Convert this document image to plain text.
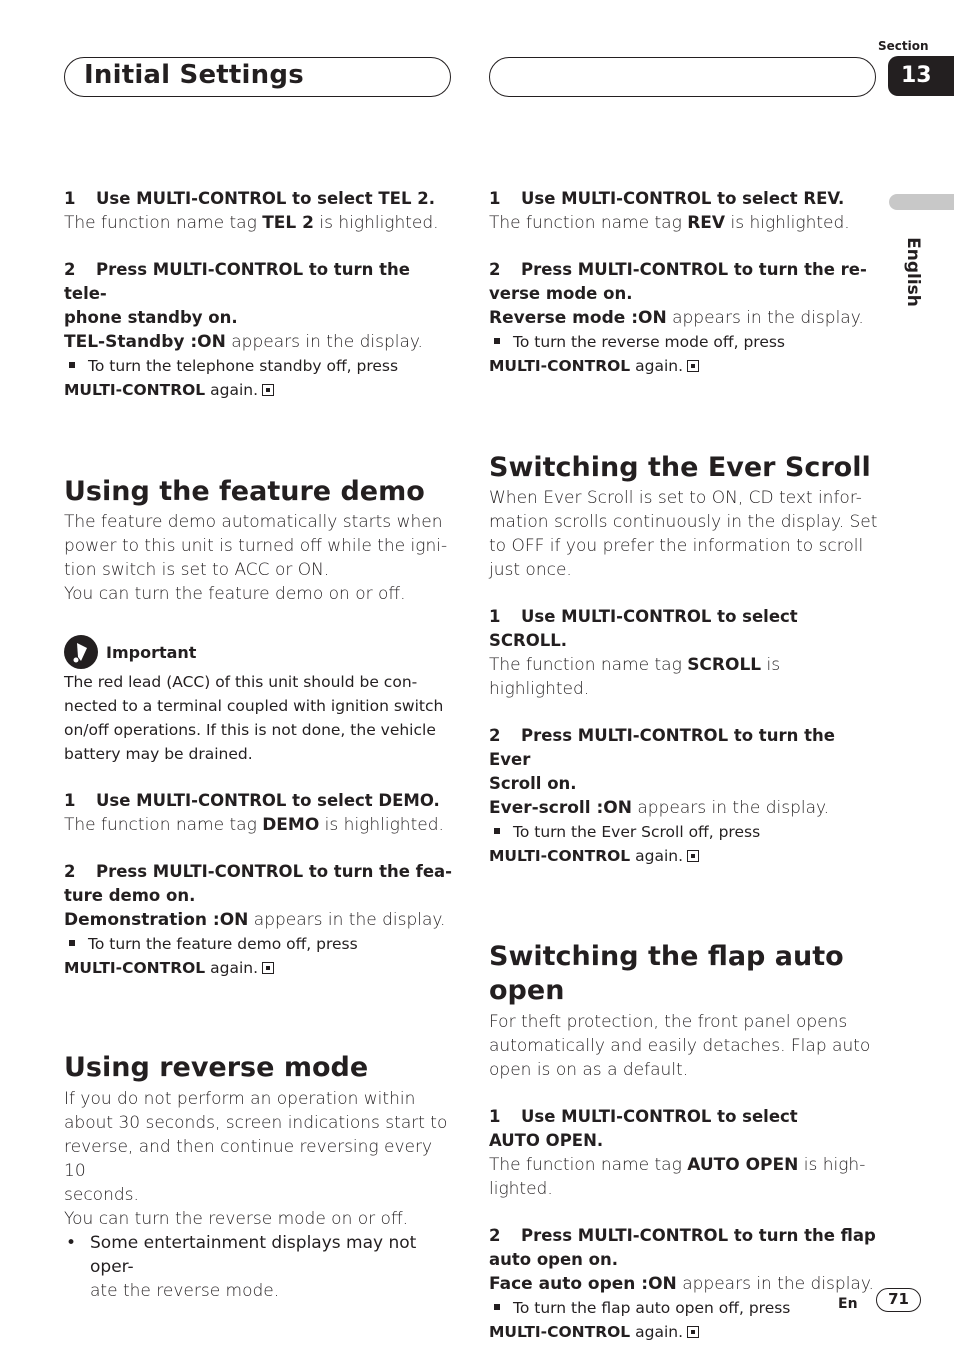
Initial Settings
Section
13
English

1 Use MULTI-CONTROL to select TEL 2.

The function name tag TEL 2 is highlighted.

2 Press MULTI-CONTROL to turn the tele-

phone standby on.

TEL-Standby :ON appears in the display.

To turn the telephone standby off, press

MULTI-CONTROL again.

Using the feature demo

The feature demo automatically starts when

power to this unit is turned off while the igni-

tion switch is set to ACC or ON.

You can turn the feature demo on or off.

Important

The red lead (ACC) of this unit should be con-

nected to a terminal coupled with ignition switch

on/off operations. If this is not done, the vehicle

battery may be drained.

1 Use MULTI-CONTROL to select DEMO.

The function name tag DEMO is highlighted.

2 Press MULTI-CONTROL to turn the fea-

ture demo on.

Demonstration :ON appears in the display.

To turn the feature demo off, press

MULTI-CONTROL again.

Using reverse mode

If you do not perform an operation within

about 30 seconds, screen indications start to

reverse, and then continue reversing every 10

seconds.

You can turn the reverse mode on or off.

• Some entertainment displays may not oper-

ate the reverse mode.

1 Use MULTI-CONTROL to select REV.

The function name tag REV is highlighted.

2 Press MULTI-CONTROL to turn the re-

verse mode on.

Reverse mode :ON appears in the display.

To turn the reverse mode off, press

MULTI-CONTROL again.

Switching the Ever Scroll

When Ever Scroll is set to ON, CD text infor-

mation scrolls continuously in the display. Set

to OFF if you prefer the information to scroll

just once.

1 Use MULTI-CONTROL to select SCROLL.

The function name tag SCROLL is highlighted.

2 Press MULTI-CONTROL to turn the Ever

Scroll on.

Ever-scroll :ON appears in the display.

To turn the Ever Scroll off, press

MULTI-CONTROL again.

Switching the flap auto open

For theft protection, the front panel opens

automatically and easily detaches. Flap auto

open is on as a default.

1 Use MULTI-CONTROL to select

AUTO OPEN.

The function name tag AUTO OPEN is high-

lighted.

2 Press MULTI-CONTROL to turn the flap

auto open on.

Face auto open :ON appears in the display.

To turn the flap auto open off, press

MULTI-CONTROL again.

En	71
